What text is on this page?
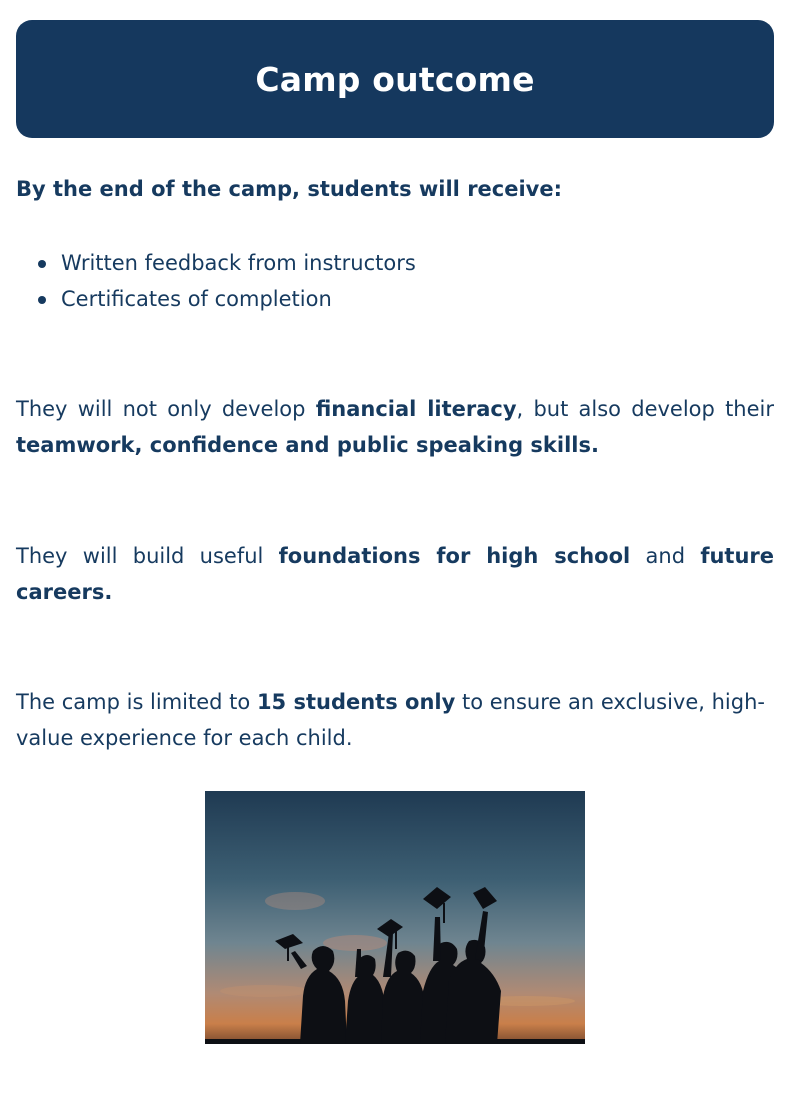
Camp outcome

By the end of the camp, students will receive:

Written feedback from instructors
Certificates of completion

They will not only develop financial literacy, but also develop their teamwork, confidence and public speaking skills.

They will build useful foundations for high school and future careers.

The camp is limited to 15 students only to ensure an exclusive, high-value experience for each child.
